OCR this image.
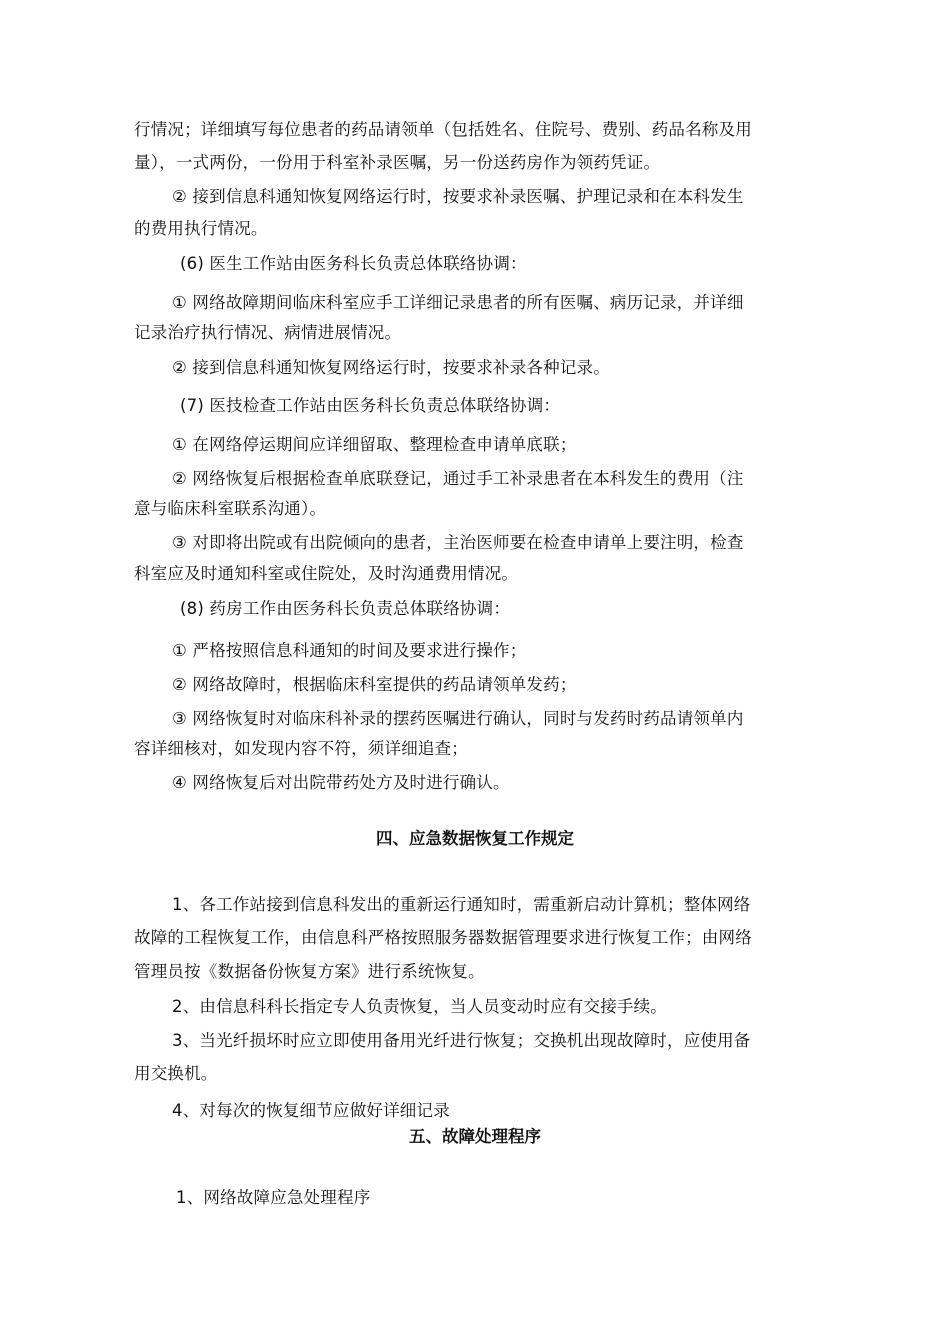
行情况；详细填写每位患者的药品请领单（包括姓名、住院号、费别、药品名称及用
量），一式两份，一份用于科室补录医嘱，另一份送药房作为领药凭证。
② 接到信息科通知恢复网络运行时，按要求补录医嘱、护理记录和在本科发生
的费用执行情况。
(6) 医生工作站由医务科长负责总体联络协调：
① 网络故障期间临床科室应手工详细记录患者的所有医嘱、病历记录，并详细
记录治疗执行情况、病情进展情况。
② 接到信息科通知恢复网络运行时，按要求补录各种记录。
(7) 医技检查工作站由医务科长负责总体联络协调：
① 在网络停运期间应详细留取、整理检查申请单底联；
② 网络恢复后根据检查单底联登记，通过手工补录患者在本科发生的费用（注
意与临床科室联系沟通）。
③ 对即将出院或有出院倾向的患者，主治医师要在检查申请单上要注明，检查
科室应及时通知科室或住院处，及时沟通费用情况。
(8) 药房工作由医务科长负责总体联络协调：
① 严格按照信息科通知的时间及要求进行操作；
② 网络故障时，根据临床科室提供的药品请领单发药；
③ 网络恢复时对临床科补录的摆药医嘱进行确认，同时与发药时药品请领单内
容详细核对，如发现内容不符，须详细追查；
④ 网络恢复后对出院带药处方及时进行确认。
四、应急数据恢复工作规定
1、各工作站接到信息科发出的重新运行通知时，需重新启动计算机；整体网络
故障的工程恢复工作，由信息科严格按照服务器数据管理要求进行恢复工作；由网络
管理员按《数据备份恢复方案》进行系统恢复。
2、由信息科科长指定专人负责恢复，当人员变动时应有交接手续。
3、当光纤损坏时应立即使用备用光纤进行恢复；交换机出现故障时，应使用备
用交换机。
4、对每次的恢复细节应做好详细记录
五、故障处理程序
1、网络故障应急处理程序
